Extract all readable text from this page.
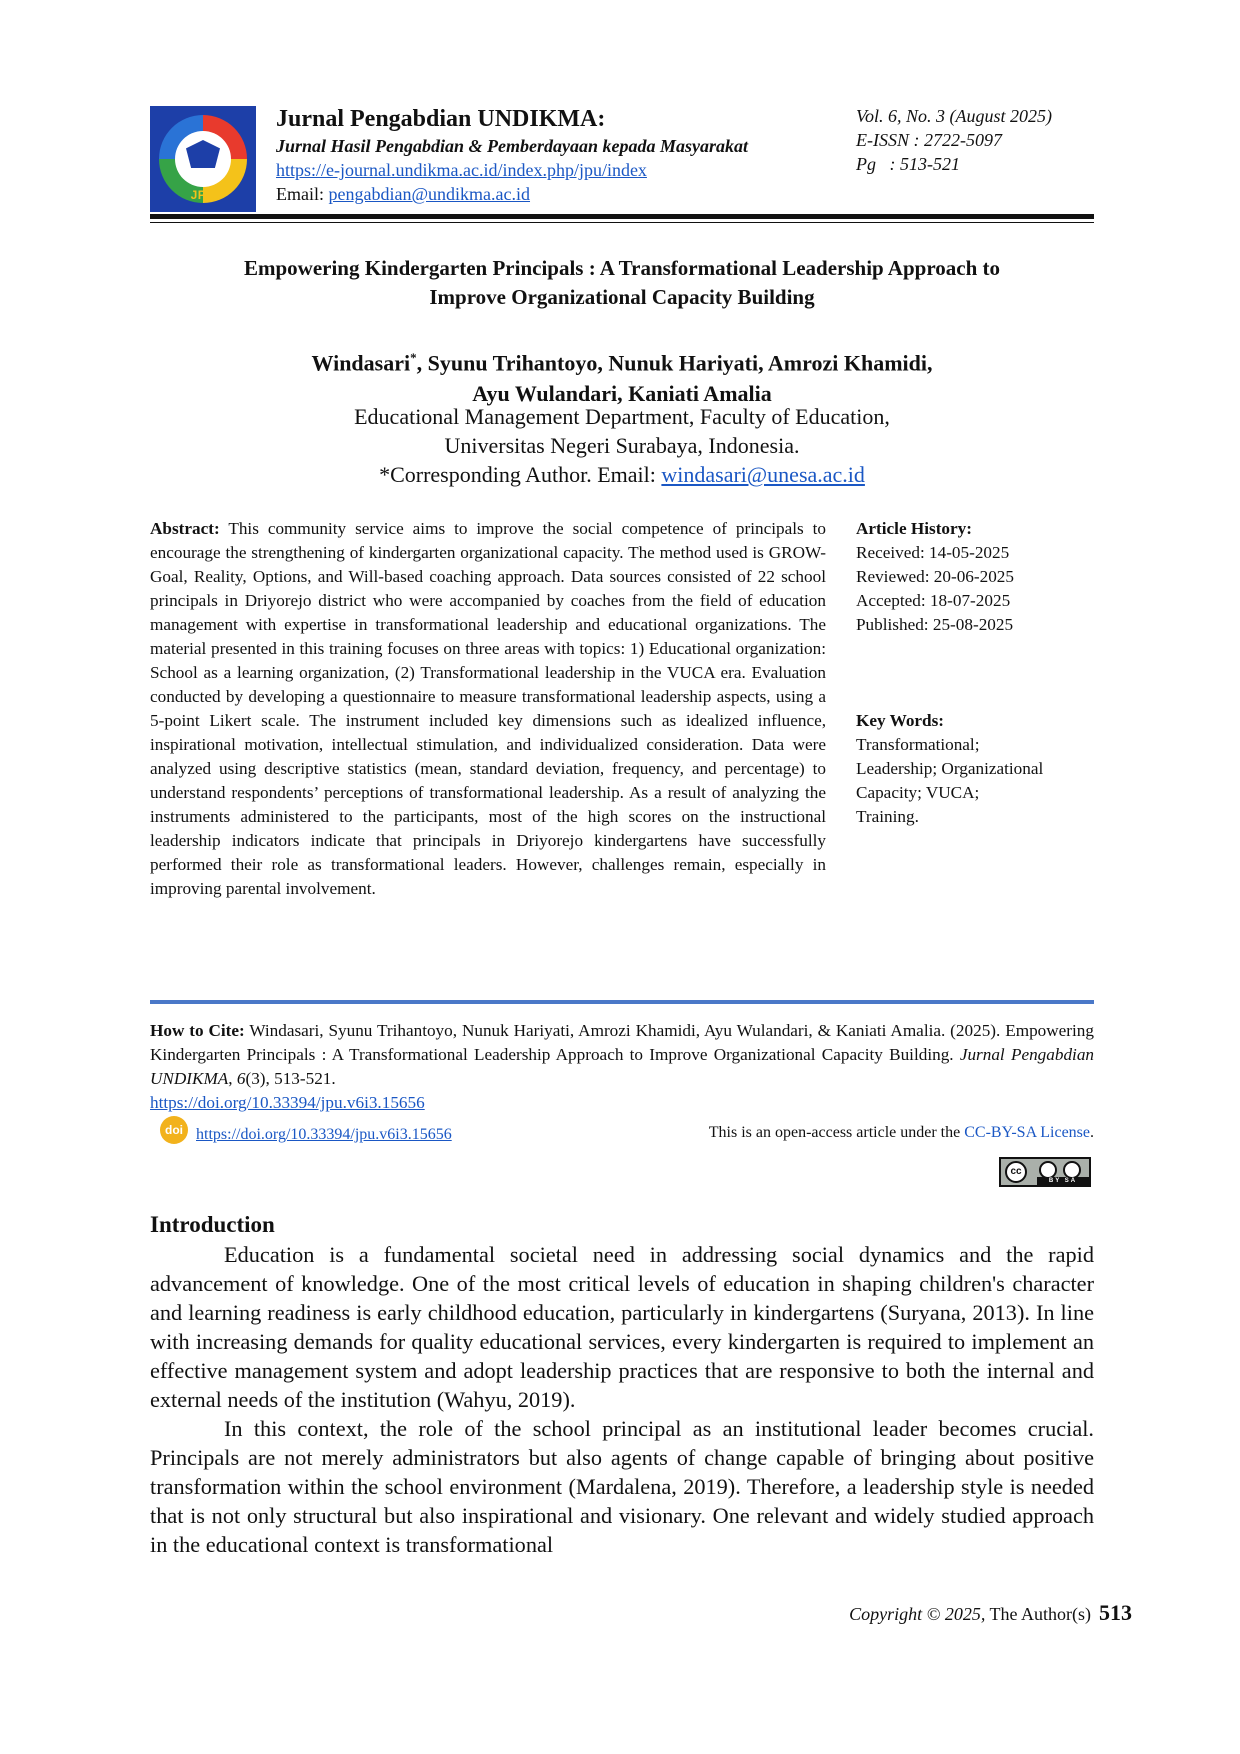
JPU
Jurnal Pengabdian UNDIKMA:
Jurnal Hasil Pengabdian & Pemberdayaan kepada Masyarakat
https://e-journal.undikma.ac.id/index.php/jpu/index
Email: pengabdian@undikma.ac.id
Vol. 6, No. 3 (August 2025)
E-ISSN : 2722-5097
Pg   : 513-521
Empowering Kindergarten Principals : A Transformational Leadership Approach to
Improve Organizational Capacity Building
Windasari*, Syunu Trihantoyo, Nunuk Hariyati, Amrozi Khamidi,
Ayu Wulandari, Kaniati Amalia
Educational Management Department, Faculty of Education,
Universitas Negeri Surabaya, Indonesia.
*Corresponding Author. Email: windasari@unesa.ac.id
Abstract: This community service aims to improve the social competence of principals to encourage the strengthening of kindergarten organizational capacity. The method used is GROW- Goal, Reality, Options, and Will-based coaching approach. Data sources consisted of 22 school principals in Driyorejo district who were accompanied by coaches from the field of education management with expertise in transformational leadership and educational organizations. The material presented in this training focuses on three areas with topics: 1) Educational organization: School as a learning organization, (2) Transformational leadership in the VUCA era. Evaluation conducted by developing a questionnaire to measure transformational leadership aspects, using a 5-point Likert scale. The instrument included key dimensions such as idealized influence, inspirational motivation, intellectual stimulation, and individualized consideration. Data were analyzed using descriptive statistics (mean, standard deviation, frequency, and percentage) to understand respondents’ perceptions of transformational leadership. As a result of analyzing the instruments administered to the participants, most of the high scores on the instructional leadership indicators indicate that principals in Driyorejo kindergartens have successfully performed their role as transformational leaders. However, challenges remain, especially in improving parental involvement.
Article History:
Received: 14-05-2025
Reviewed: 20-06-2025
Accepted: 18-07-2025
Published: 25-08-2025
Key Words:
Transformational;
Leadership; Organizational
Capacity; VUCA;
Training.
How to Cite: Windasari, Syunu Trihantoyo, Nunuk Hariyati, Amrozi Khamidi, Ayu Wulandari, & Kaniati Amalia. (2025). Empowering Kindergarten Principals : A Transformational Leadership Approach to Improve Organizational Capacity Building. Jurnal Pengabdian UNDIKMA, 6(3), 513-521.
https://doi.org/10.33394/jpu.v6i3.15656
doi https://doi.org/10.33394/jpu.v6i3.15656	This is an open-access article under the CC-BY-SA License.
cc
BY SA
Introduction

Education is a fundamental societal need in addressing social dynamics and the rapid advancement of knowledge. One of the most critical levels of education in shaping children's character and learning readiness is early childhood education, particularly in kindergartens (Suryana, 2013). In line with increasing demands for quality educational services, every kindergarten is required to implement an effective management system and adopt leadership practices that are responsive to both the internal and external needs of the institution (Wahyu, 2019).

In this context, the role of the school principal as an institutional leader becomes crucial. Principals are not merely administrators but also agents of change capable of bringing about positive transformation within the school environment (Mardalena, 2019). Therefore, a leadership style is needed that is not only structural but also inspirational and visionary. One relevant and widely studied approach in the educational context is transformational

Copyright © 2025, The Author(s) 513
